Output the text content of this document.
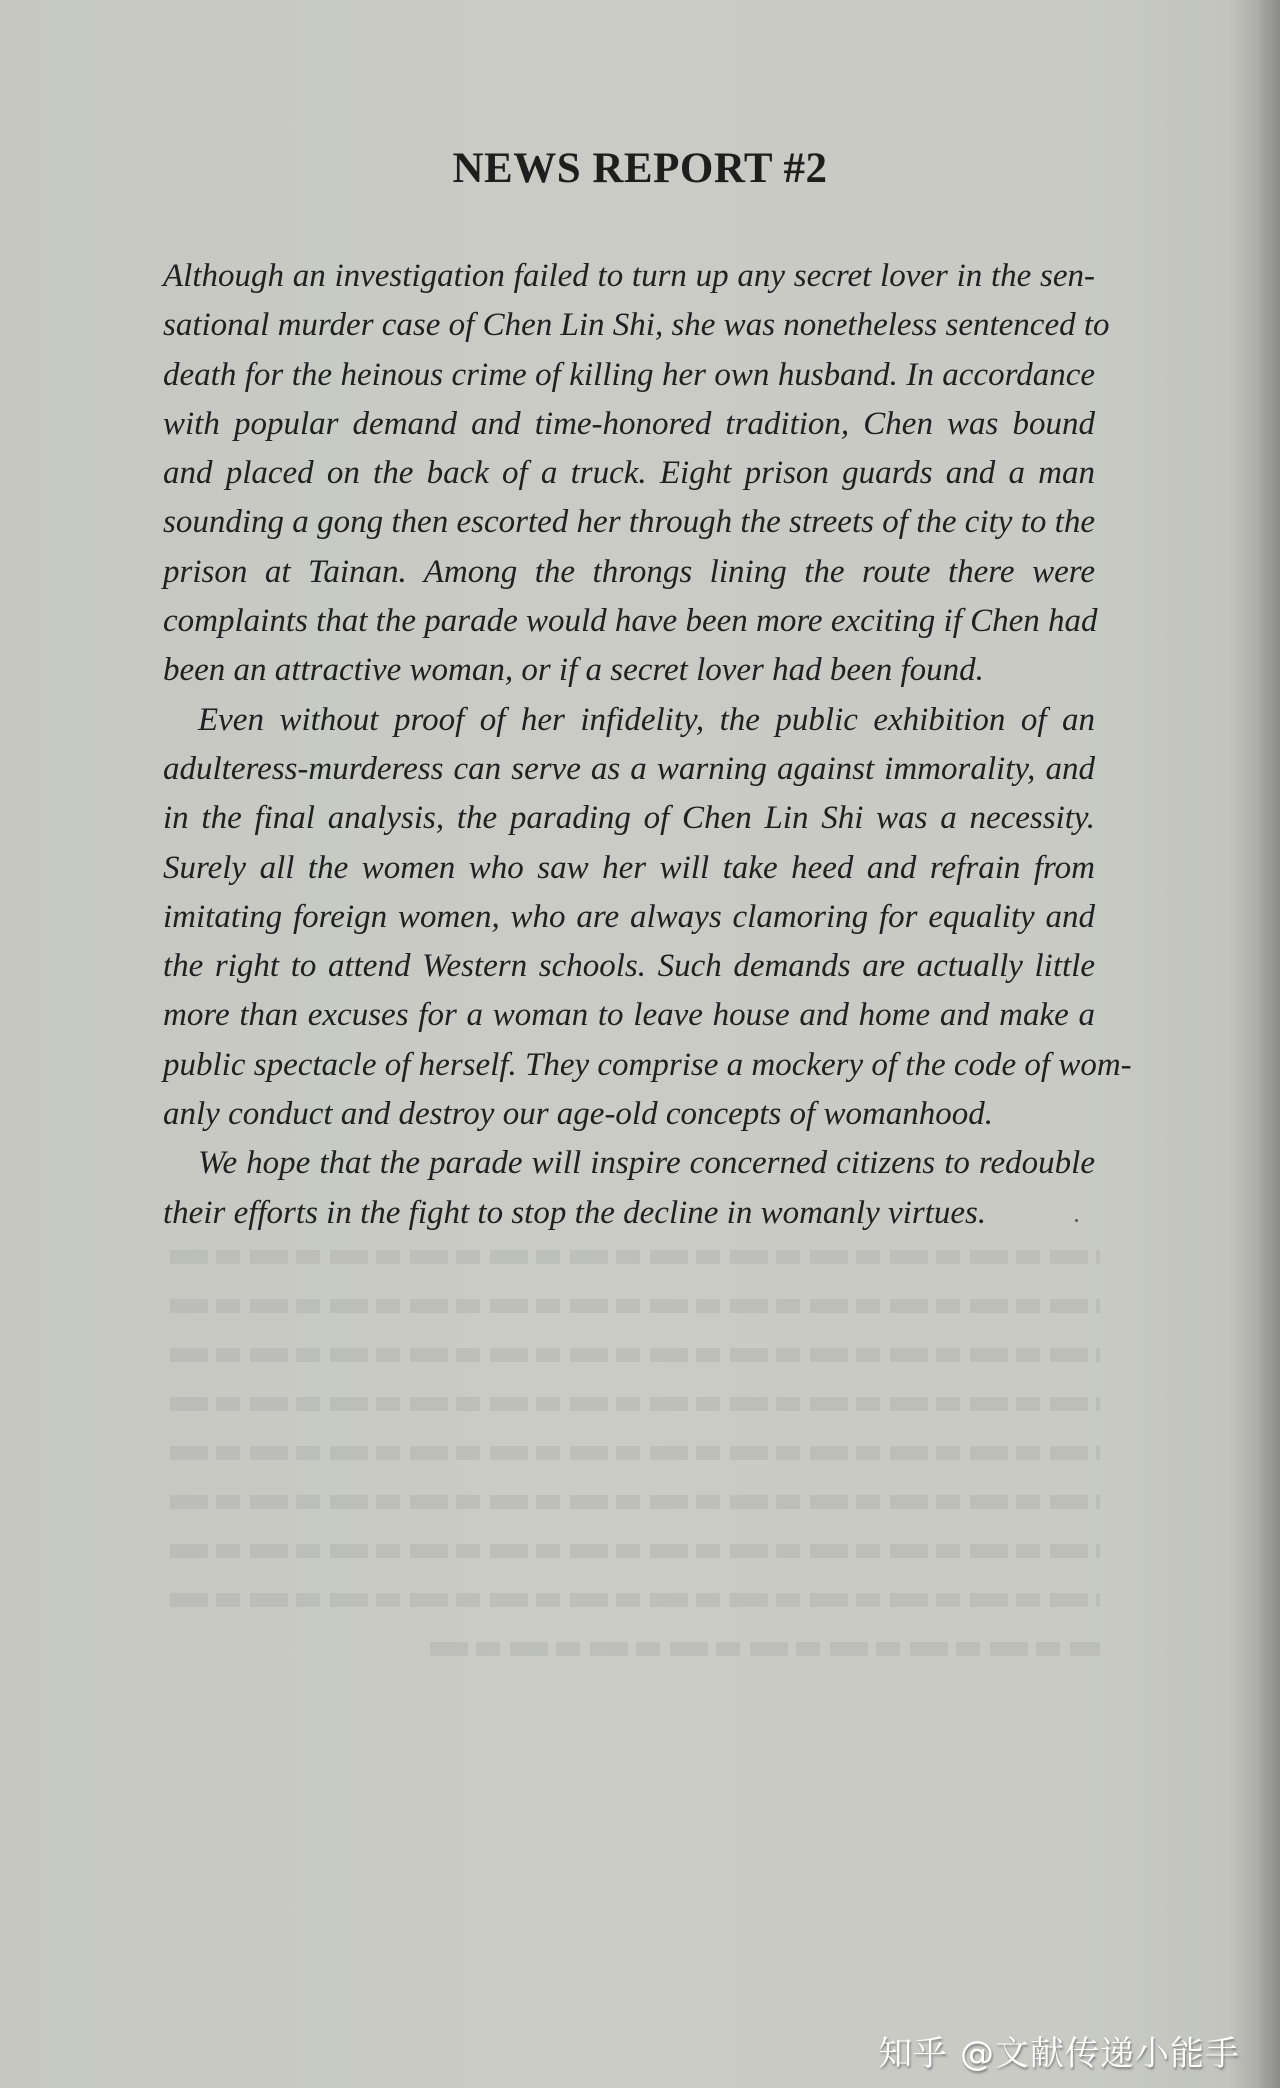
NEWS REPORT #2
Although an investigation failed to turn up any secret lover in the sen-
sational murder case of Chen Lin Shi, she was nonetheless sentenced to
death for the heinous crime of killing her own husband. In accordance
with popular demand and time-honored tradition, Chen was bound
and placed on the back of a truck. Eight prison guards and a man
sounding a gong then escorted her through the streets of the city to the
prison at Tainan. Among the throngs lining the route there were
complaints that the parade would have been more exciting if Chen had
been an attractive woman, or if a secret lover had been found.
Even without proof of her infidelity, the public exhibition of an
adulteress-murderess can serve as a warning against immorality, and
in the final analysis, the parading of Chen Lin Shi was a necessity.
Surely all the women who saw her will take heed and refrain from
imitating foreign women, who are always clamoring for equality and
the right to attend Western schools. Such demands are actually little
more than excuses for a woman to leave house and home and make a
public spectacle of herself. They comprise a mockery of the code of wom-
anly conduct and destroy our age-old concepts of womanhood.
We hope that the parade will inspire concerned citizens to redouble
their efforts in the fight to stop the decline in womanly virtues.
知乎 @文献传递小能手
